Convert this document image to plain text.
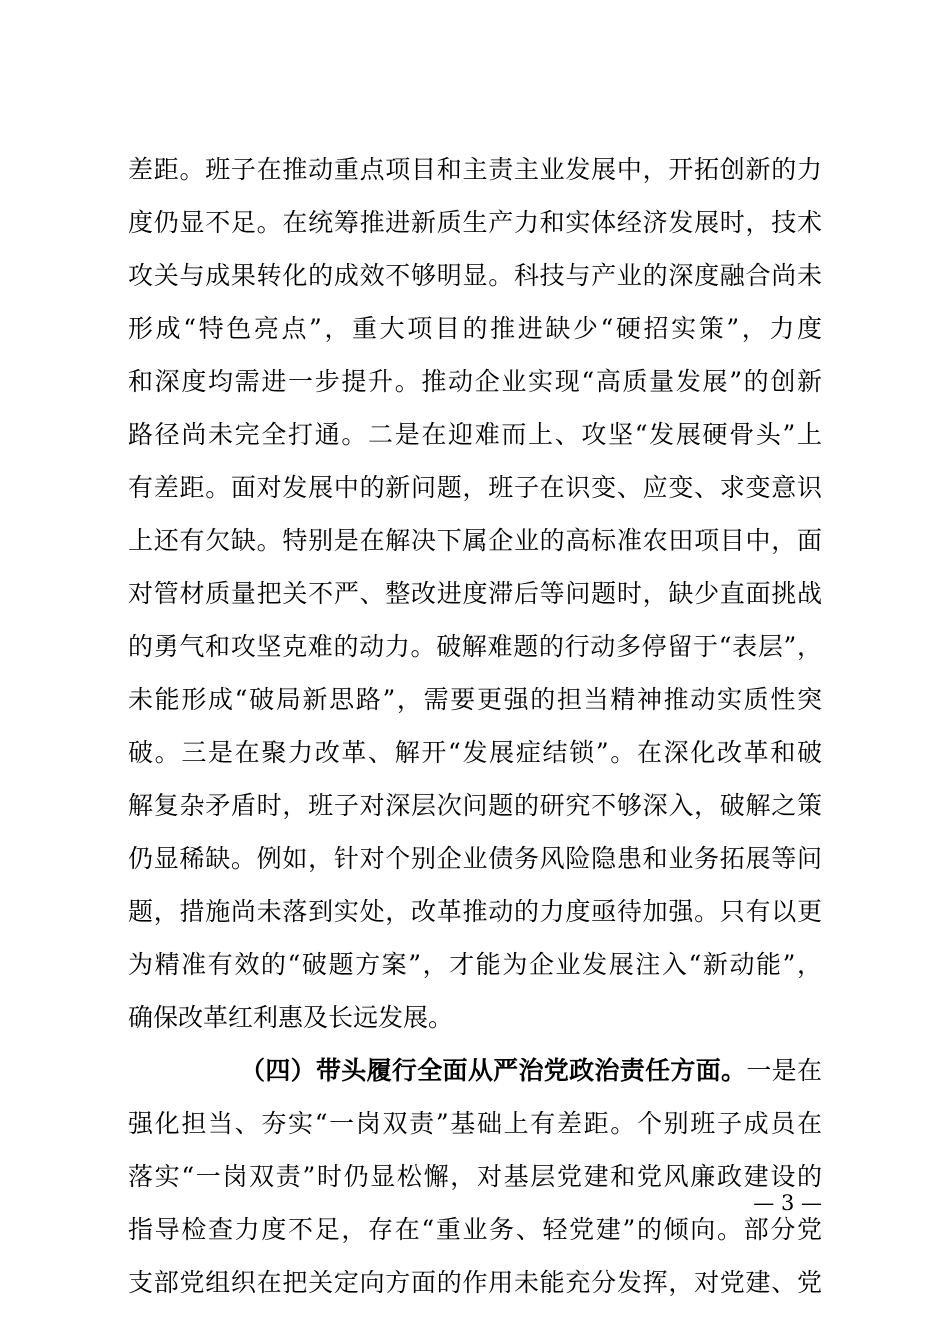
差距。班子在推动重点项目和主责主业发展中，开拓创新的力
度仍显不足。在统筹推进新质生产力和实体经济发展时，技术
攻关与成果转化的成效不够明显。科技与产业的深度融合尚未
形成“特色亮点”，重大项目的推进缺少“硬招实策”，力度
和深度均需进一步提升。推动企业实现“高质量发展”的创新
路径尚未完全打通。二是在迎难而上、攻坚“发展硬骨头”上
有差距。面对发展中的新问题，班子在识变、应变、求变意识
上还有欠缺。特别是在解决下属企业的高标准农田项目中，面
对管材质量把关不严、整改进度滞后等问题时，缺少直面挑战
的勇气和攻坚克难的动力。破解难题的行动多停留于“表层”，
未能形成“破局新思路”，需要更强的担当精神推动实质性突
破。三是在聚力改革、解开“发展症结锁”。在深化改革和破
解复杂矛盾时，班子对深层次问题的研究不够深入，破解之策
仍显稀缺。例如，针对个别企业债务风险隐患和业务拓展等问
题，措施尚未落到实处，改革推动的力度亟待加强。只有以更
为精准有效的“破题方案”，才能为企业发展注入“新动能”，
确保改革红利惠及长远发展。
（四）带头履行全面从严治党政治责任方面。一是在
强化担当、夯实“一岗双责”基础上有差距。个别班子成员在
落实“一岗双责”时仍显松懈，对基层党建和党风廉政建设的
指导检查力度不足，存在“重业务、轻党建”的倾向。部分党
支部党组织在把关定向方面的作用未能充分发挥，对党建、党
— 3 —
